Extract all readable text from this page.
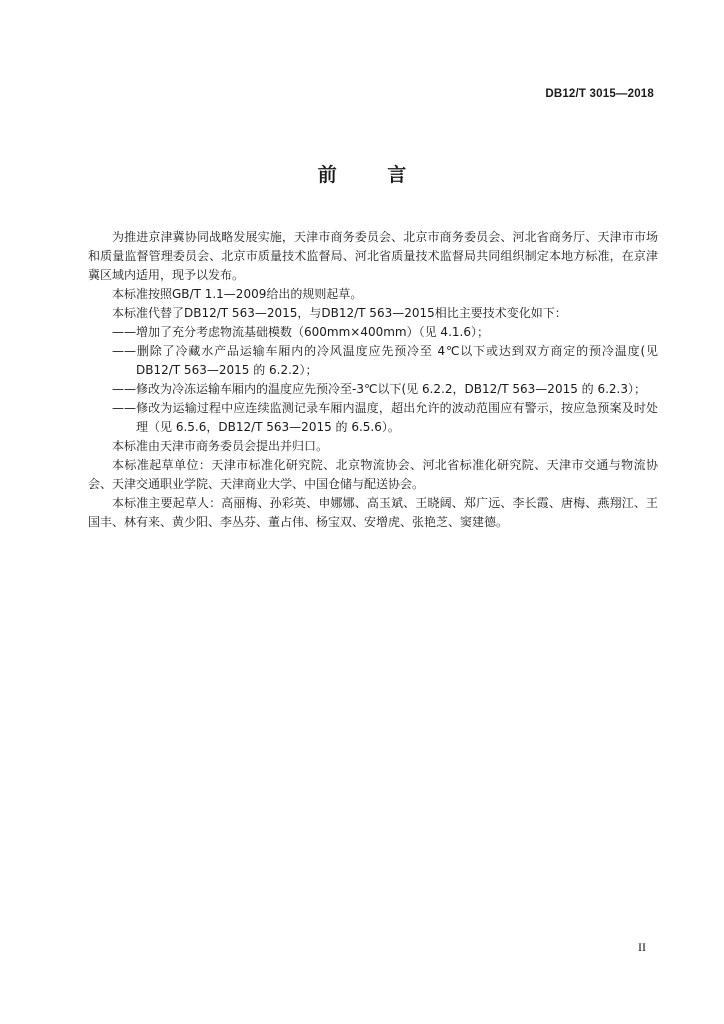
DB12/T 3015—2018
前 言

为推进京津冀协同战略发展实施，天津市商务委员会、北京市商务委员会、河北省商务厅、天津市市场和质量监督管理委员会、北京市质量技术监督局、河北省质量技术监督局共同组织制定本地方标准，在京津冀区域内适用，现予以发布。

本标准按照GB/T 1.1—2009给出的规则起草。

本标准代替了DB12/T 563—2015，与DB12/T 563—2015相比主要技术变化如下：

——增加了充分考虑物流基础模数（600mm×400mm）（见 4.1.6）；

——删除了冷藏水产品运输车厢内的冷风温度应先预冷至 4℃以下或达到双方商定的预冷温度(见 DB12/T 563—2015 的 6.2.2）；

——修改为冷冻运输车厢内的温度应先预冷至-3℃以下(见 6.2.2，DB12/T 563—2015 的 6.2.3）；

——修改为运输过程中应连续监测记录车厢内温度，超出允许的波动范围应有警示，按应急预案及时处理（见 6.5.6，DB12/T 563—2015 的 6.5.6）。

本标准由天津市商务委员会提出并归口。

本标准起草单位：天津市标准化研究院、北京物流协会、河北省标准化研究院、天津市交通与物流协会、天津交通职业学院、天津商业大学、中国仓储与配送协会。

本标准主要起草人：高丽梅、孙彩英、申娜娜、高玉斌、王晓阔、郑广远、李长霞、唐梅、燕翔江、王国丰、林有来、黄少阳、李丛芬、董占伟、杨宝双、安增虎、张艳芝、窦建德。

II
